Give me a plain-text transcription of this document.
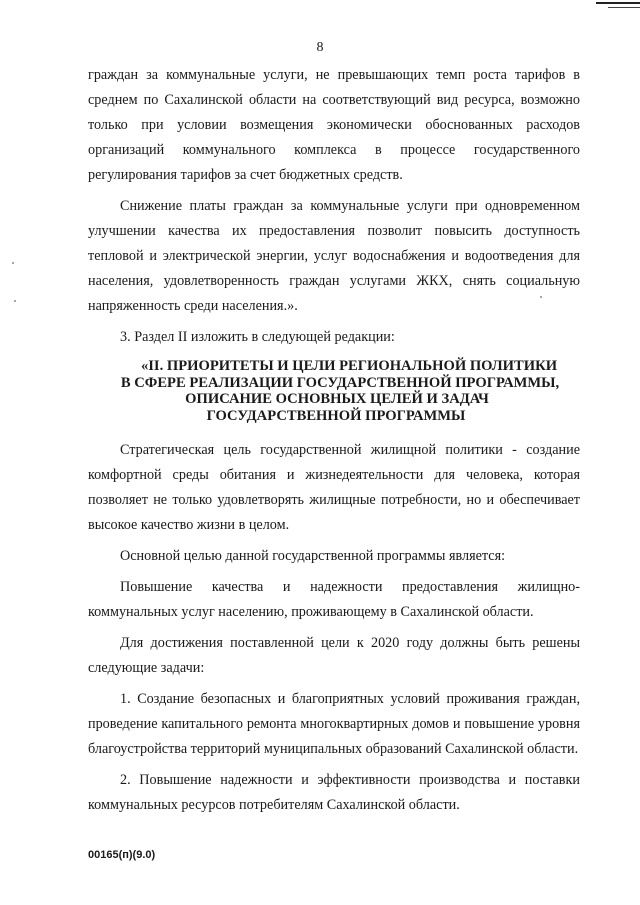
8

граждан за коммунальные услуги, не превышающих темп роста тарифов в среднем по Сахалинской области на соответствующий вид ресурса, возможно только при условии возмещения экономически обоснованных расходов организаций коммунального комплекса в процессе государственного регулирования тарифов за счет бюджетных средств.

Снижение платы граждан за коммунальные услуги при одновременном улучшении качества их предоставления позволит повысить доступность тепловой и электрической энергии, услуг водоснабжения и водоотведения для населения, удовлетворенность граждан услугами ЖКХ, снять социальную напряженность среди населения.».

3. Раздел II изложить в следующей редакции:

«II. ПРИОРИТЕТЫ И ЦЕЛИ РЕГИОНАЛЬНОЙ ПОЛИТИКИ
В СФЕРЕ РЕАЛИЗАЦИИ ГОСУДАРСТВЕННОЙ ПРОГРАММЫ,
ОПИСАНИЕ ОСНОВНЫХ ЦЕЛЕЙ И ЗАДАЧ
ГОСУДАРСТВЕННОЙ ПРОГРАММЫ

Стратегическая цель государственной жилищной политики - создание комфортной среды обитания и жизнедеятельности для человека, которая позволяет не только удовлетворять жилищные потребности, но и обеспечивает высокое качество жизни в целом.

Основной целью данной государственной программы является:

Повышение качества и надежности предоставления жилищно-коммунальных услуг населению, проживающему в Сахалинской области.

Для достижения поставленной цели к 2020 году должны быть решены следующие задачи:

1. Создание безопасных и благоприятных условий проживания граждан, проведение капитального ремонта многоквартирных домов и повышение уровня благоустройства территорий муниципальных образований Сахалинской области.

2. Повышение надежности и эффективности производства и поставки коммунальных ресурсов потребителям Сахалинской области.

00165(п)(9.0)
